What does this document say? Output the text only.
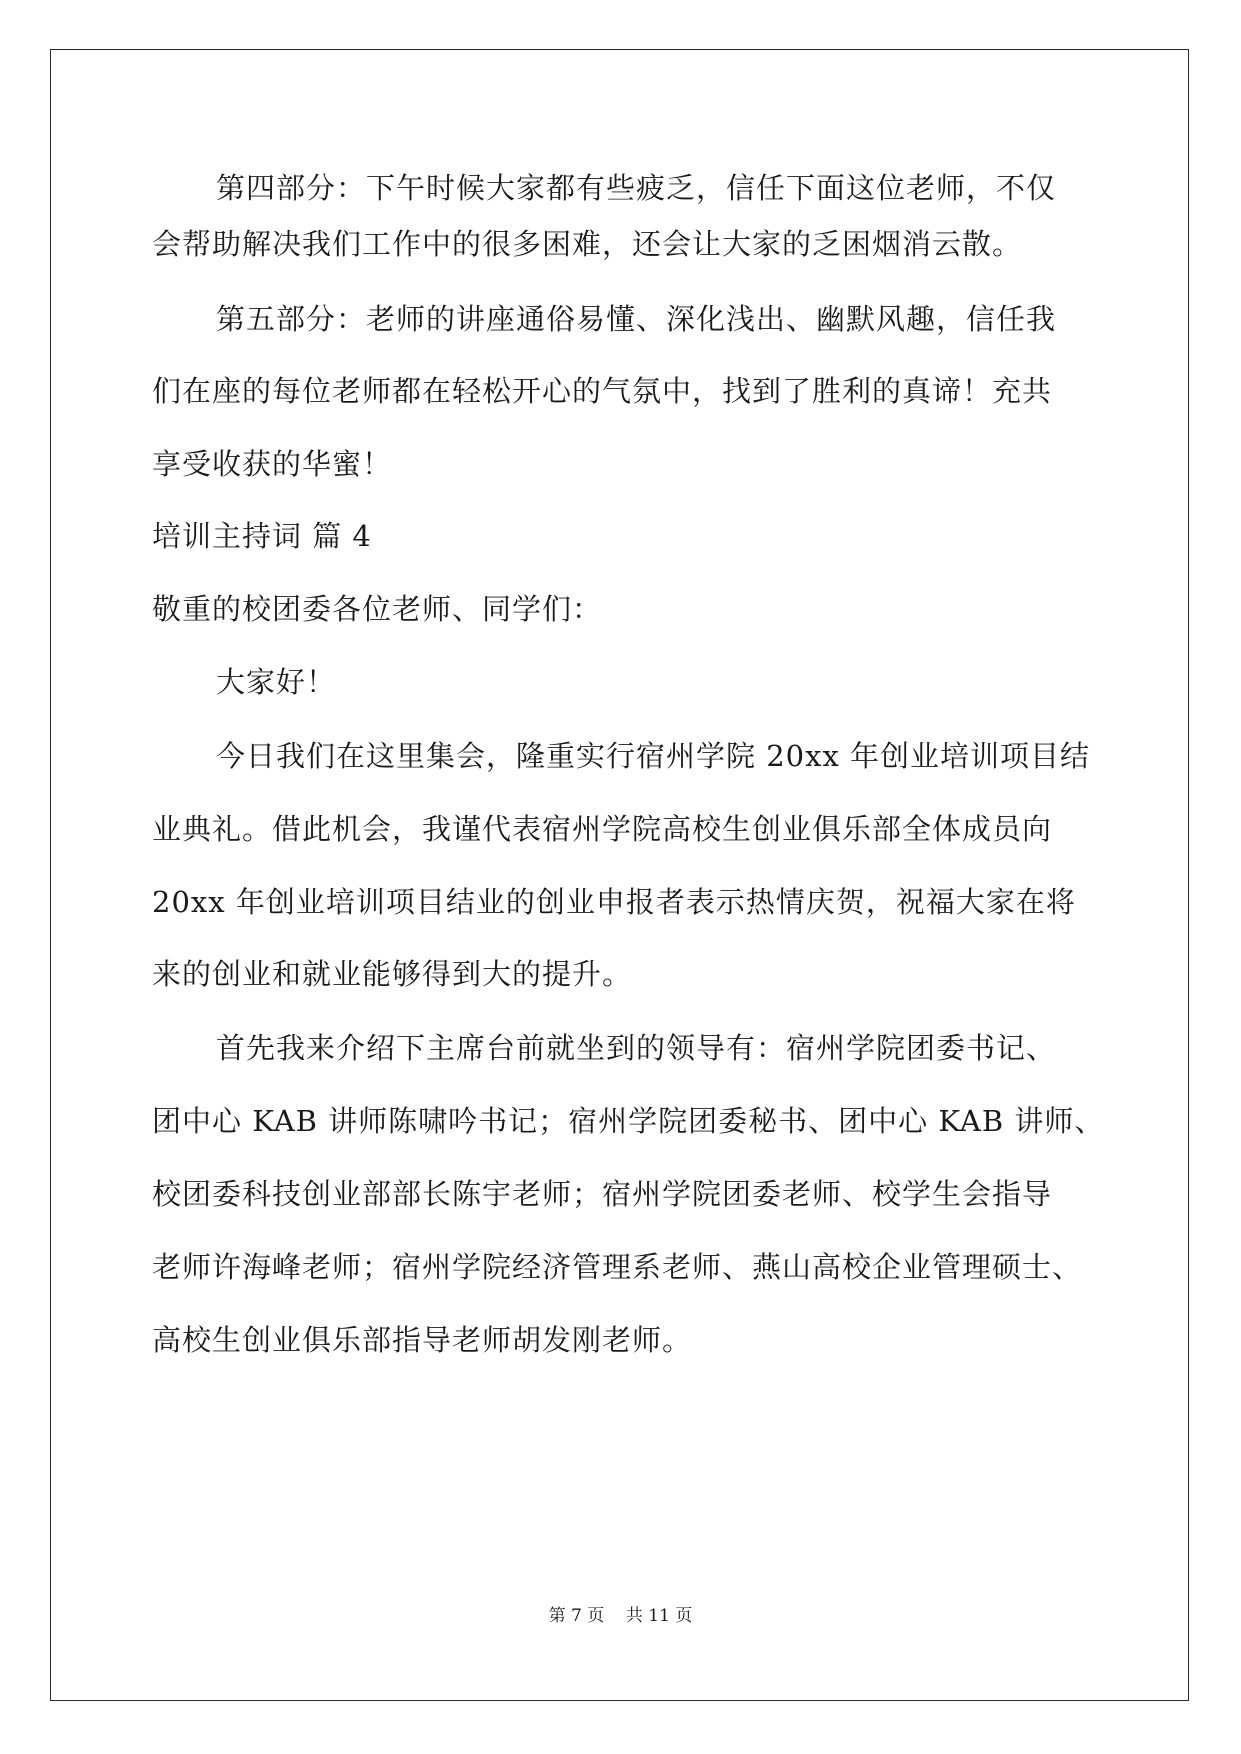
第四部分：下午时候大家都有些疲乏，信任下面这位老师，不仅
会帮助解决我们工作中的很多困难，还会让大家的乏困烟消云散。
第五部分：老师的讲座通俗易懂、深化浅出、幽默风趣，信任我
们在座的每位老师都在轻松开心的气氛中，找到了胜利的真谛！充共
享受收获的华蜜！
培训主持词 篇 4
敬重的校团委各位老师、同学们：
大家好！
今日我们在这里集会，隆重实行宿州学院 20xx 年创业培训项目结
业典礼。借此机会，我谨代表宿州学院高校生创业俱乐部全体成员向
20xx 年创业培训项目结业的创业申报者表示热情庆贺，祝福大家在将
来的创业和就业能够得到大的提升。
首先我来介绍下主席台前就坐到的领导有：宿州学院团委书记、
团中心 KAB 讲师陈啸吟书记；宿州学院团委秘书、团中心 KAB 讲师、
校团委科技创业部部长陈宇老师；宿州学院团委老师、校学生会指导
老师许海峰老师；宿州学院经济管理系老师、燕山高校企业管理硕士、
高校生创业俱乐部指导老师胡发刚老师。
第 7 页    共 11 页
